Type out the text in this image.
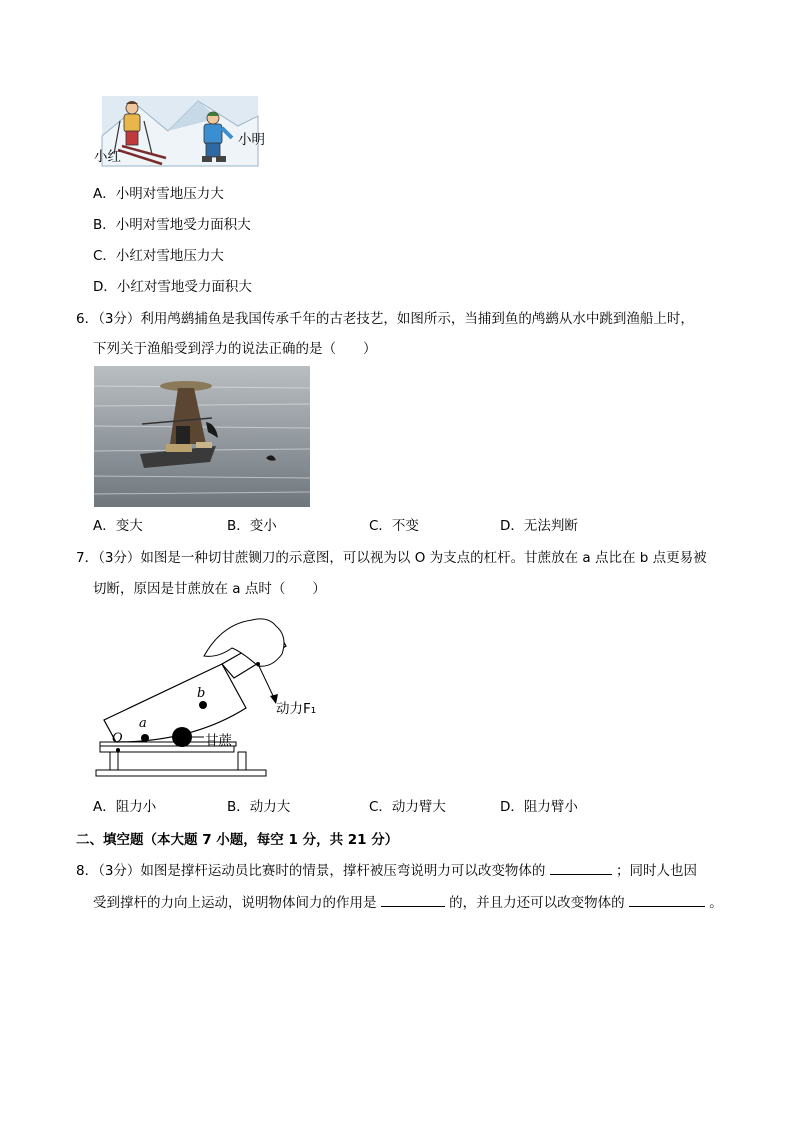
小明
小红
A．小明对雪地压力大
B．小明对雪地受力面积大
C．小红对雪地压力大
D．小红对雪地受力面积大
6．（3分）利用鸬鹚捕鱼是我国传承千年的古老技艺，如图所示，当捕到鱼的鸬鹚从水中跳到渔船上时，
下列关于渔船受到浮力的说法正确的是（　　）
A．变大	B．变小	C．不变	D．无法判断
7．（3分）如图是一种切甘蔗铡刀的示意图，可以视为以 O 为支点的杠杆。甘蔗放在 a 点比在 b 点更易被
切断，原因是甘蔗放在 a 点时（　　）
动力F₁
甘蔗
O
a
b
A．阻力小	B．动力大	C．动力臂大	D．阻力臂小
二、填空题（本大题 7 小题，每空 1 分，共 21 分）
8．（3分）如图是撑杆运动员比赛时的情景，撑杆被压弯说明力可以改变物体的	；同时人也因
受到撑杆的力向上运动，说明物体间力的作用是	的，并且力还可以改变物体的	。
